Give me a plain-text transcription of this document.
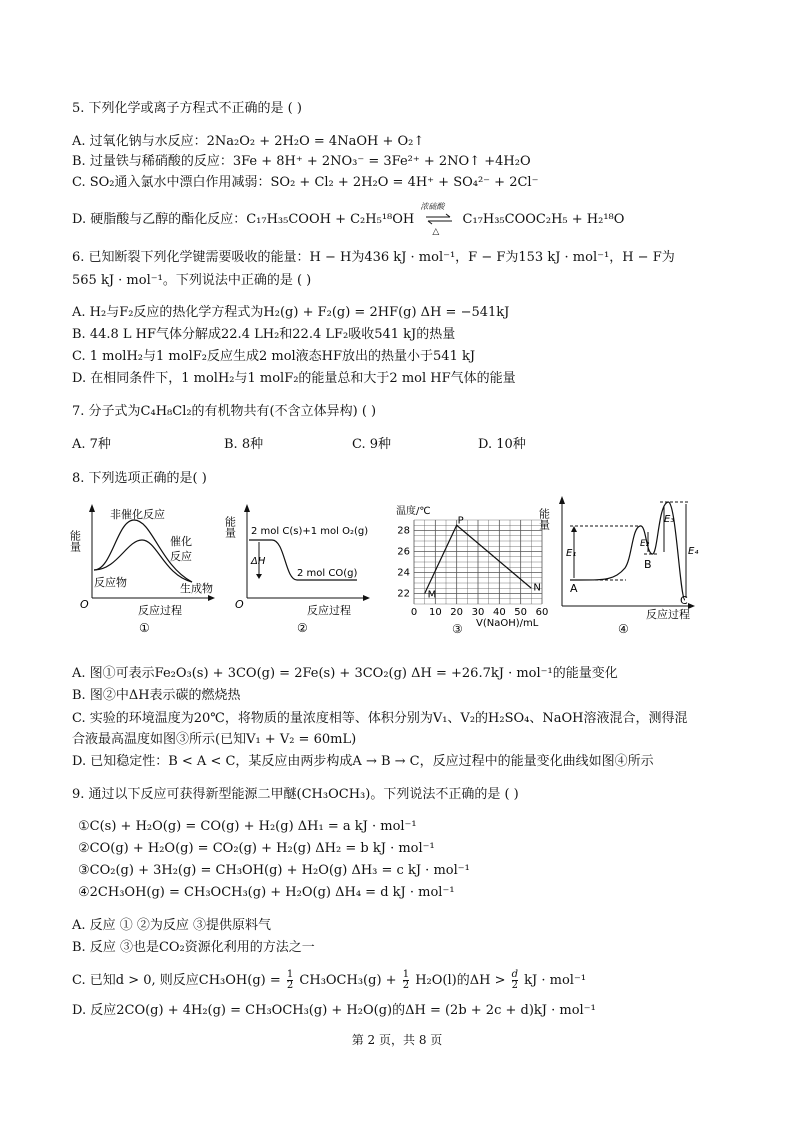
5. 下列化学或离子方程式不正确的是 ( )
A. 过氧化钠与水反应：2Na₂O₂ + 2H₂O = 4NaOH + O₂↑
B. 过量铁与稀硝酸的反应：3Fe + 8H⁺ + 2NO₃⁻ = 3Fe²⁺ + 2NO↑ +4H₂O
C. SO₂通入氯水中漂白作用减弱：SO₂ + Cl₂ + 2H₂O = 4H⁺ + SO₄²⁻ + 2Cl⁻
D. 硬脂酸与乙醇的酯化反应：C₁₇H₃₅COOH + C₂H₅¹⁸OH
浓硫酸
△
C₁₇H₃₅COOC₂H₅ + H₂¹⁸O
6. 已知断裂下列化学键需要吸收的能量：H − H为436 kJ · mol⁻¹，F − F为153 kJ · mol⁻¹，H − F为
565 kJ · mol⁻¹。下列说法中正确的是 ( )
A. H₂与F₂反应的热化学方程式为H₂(g) + F₂(g) = 2HF(g) ΔH = −541kJ
B. 44.8 L HF气体分解成22.4 LH₂和22.4 LF₂吸收541 kJ的热量
C. 1 molH₂与1 molF₂反应生成2 mol液态HF放出的热量小于541 kJ
D. 在相同条件下，1 molH₂与1 molF₂的能量总和大于2 mol HF气体的能量
7. 分子式为C₄H₈Cl₂的有机物共有(不含立体异构) ( )
A. 7种	B. 8种	C. 9种	D. 10种
8. 下列选项正确的是( )
能量
非催化反应
催化
反应
反应物	生成物
O	反应过程
①
能量 2 mol C(s)+1 mol O₂(g)
ΔH
2 mol CO(g)
O	反应过程
②
温度/℃
28
26
24
22
0 10 20 30 40 50 60
P
M
N
V(NaOH)/mL
③
能量
E₁
E₂
E₃
E₄
A
B
C
反应过程
④
A. 图①可表示Fe₂O₃(s) + 3CO(g) = 2Fe(s) + 3CO₂(g) ΔH = +26.7kJ · mol⁻¹的能量变化
B. 图②中ΔH表示碳的燃烧热
C. 实验的环境温度为20℃，将物质的量浓度相等、体积分别为V₁、V₂的H₂SO₄、NaOH溶液混合，测得混
合液最高温度如图③所示(已知V₁ + V₂ = 60mL)
D. 已知稳定性：B < A < C，某反应由两步构成A → B → C，反应过程中的能量变化曲线如图④所示
9. 通过以下反应可获得新型能源二甲醚(CH₃OCH₃)。下列说法不正确的是 ( )
①C(s) + H₂O(g) = CO(g) + H₂(g) ΔH₁ = a kJ · mol⁻¹
②CO(g) + H₂O(g) = CO₂(g) + H₂(g) ΔH₂ = b kJ · mol⁻¹
③CO₂(g) + 3H₂(g) = CH₃OH(g) + H₂O(g) ΔH₃ = c kJ · mol⁻¹
④2CH₃OH(g) = CH₃OCH₃(g) + H₂O(g) ΔH₄ = d kJ · mol⁻¹
A. 反应 ① ②为反应 ③提供原料气
B. 反应 ③也是CO₂资源化利用的方法之一
C. 已知d > 0, 则反应$CH_3OH(g) = \frac{1}{2} CH_3OCH_3(g) + \frac{1}{2} H_2O(l)$的$\Delta H > \frac{d}{2}$ kJ · mol⁻¹
D. 反应2CO(g) + 4H₂(g) = CH₃OCH₃(g) + H₂O(g)的ΔH = (2b + 2c + d)kJ · mol⁻¹
第 2 页，共 8 页
